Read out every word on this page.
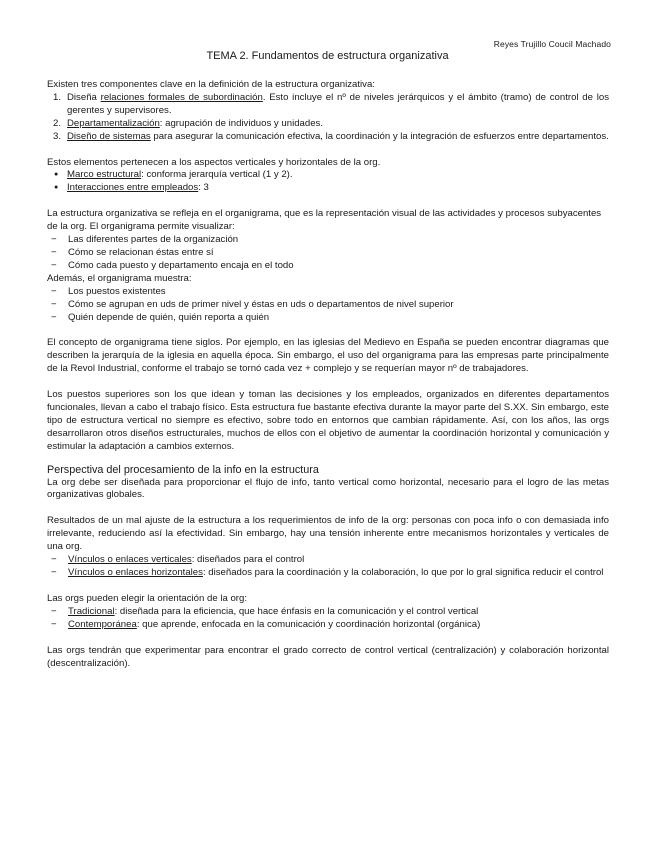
Reyes Trujillo Coucil Machado
TEMA 2. Fundamentos de estructura organizativa

Existen tres componentes clave en la definición de la estructura organizativa:

1. Diseña relaciones formales de subordinación. Esto incluye el nº de niveles jerárquicos y el ámbito (tramo) de control de los gerentes y supervisores.
2. Departamentalización: agrupación de individuos y unidades.
3. Diseño de sistemas para asegurar la comunicación efectiva, la coordinación y la integración de esfuerzos entre departamentos.

Estos elementos pertenecen a los aspectos verticales y horizontales de la org.

● Marco estructural: conforma jerarquía vertical (1 y 2).
● Interacciones entre empleados: 3

La estructura organizativa se refleja en el organigrama, que es la representación visual de las actividades y procesos subyacentes de la org. El organigrama permite visualizar:

− Las diferentes partes de la organización
− Cómo se relacionan éstas entre sí
− Cómo cada puesto y departamento encaja en el todo

Además, el organigrama muestra:

− Los puestos existentes
− Cómo se agrupan en uds de primer nivel y éstas en uds o departamentos de nivel superior
− Quién depende de quién, quién reporta a quién

El concepto de organigrama tiene siglos. Por ejemplo, en las iglesias del Medievo en España se pueden encontrar diagramas que describen la jerarquía de la iglesia en aquella época. Sin embargo, el uso del organigrama para las empresas parte principalmente de la Revol Industrial, conforme el trabajo se tornó cada vez + complejo y se requerían mayor nº de trabajadores.

Los puestos superiores son los que idean y toman las decisiones y los empleados, organizados en diferentes departamentos funcionales, llevan a cabo el trabajo físico. Esta estructura fue bastante efectiva durante la mayor parte del S.XX. Sin embargo, este tipo de estructura vertical no siempre es efectivo, sobre todo en entornos que cambian rápidamente. Así, con los años, las orgs desarrollaron otros diseños estructurales, muchos de ellos con el objetivo de aumentar la coordinación horizontal y comunicación y estimular la adaptación a cambios externos.

Perspectiva del procesamiento de la info en la estructura

La org debe ser diseñada para proporcionar el flujo de info, tanto vertical como horizontal, necesario para el logro de las metas organizativas globales.

Resultados de un mal ajuste de la estructura a los requerimientos de info de la org: personas con poca info o con demasiada info irrelevante, reduciendo así la efectividad. Sin embargo, hay una tensión inherente entre mecanismos horizontales y verticales de una org.

− Vínculos o enlaces verticales: diseñados para el control
− Vínculos o enlaces horizontales: diseñados para la coordinación y la colaboración, lo que por lo gral significa reducir el control

Las orgs pueden elegir la orientación de la org:

− Tradicional: diseñada para la eficiencia, que hace énfasis en la comunicación y el control vertical
− Contemporánea: que aprende, enfocada en la comunicación y coordinación horizontal (orgánica)

Las orgs tendrán que experimentar para encontrar el grado correcto de control vertical (centralización) y colaboración horizontal (descentralización).
